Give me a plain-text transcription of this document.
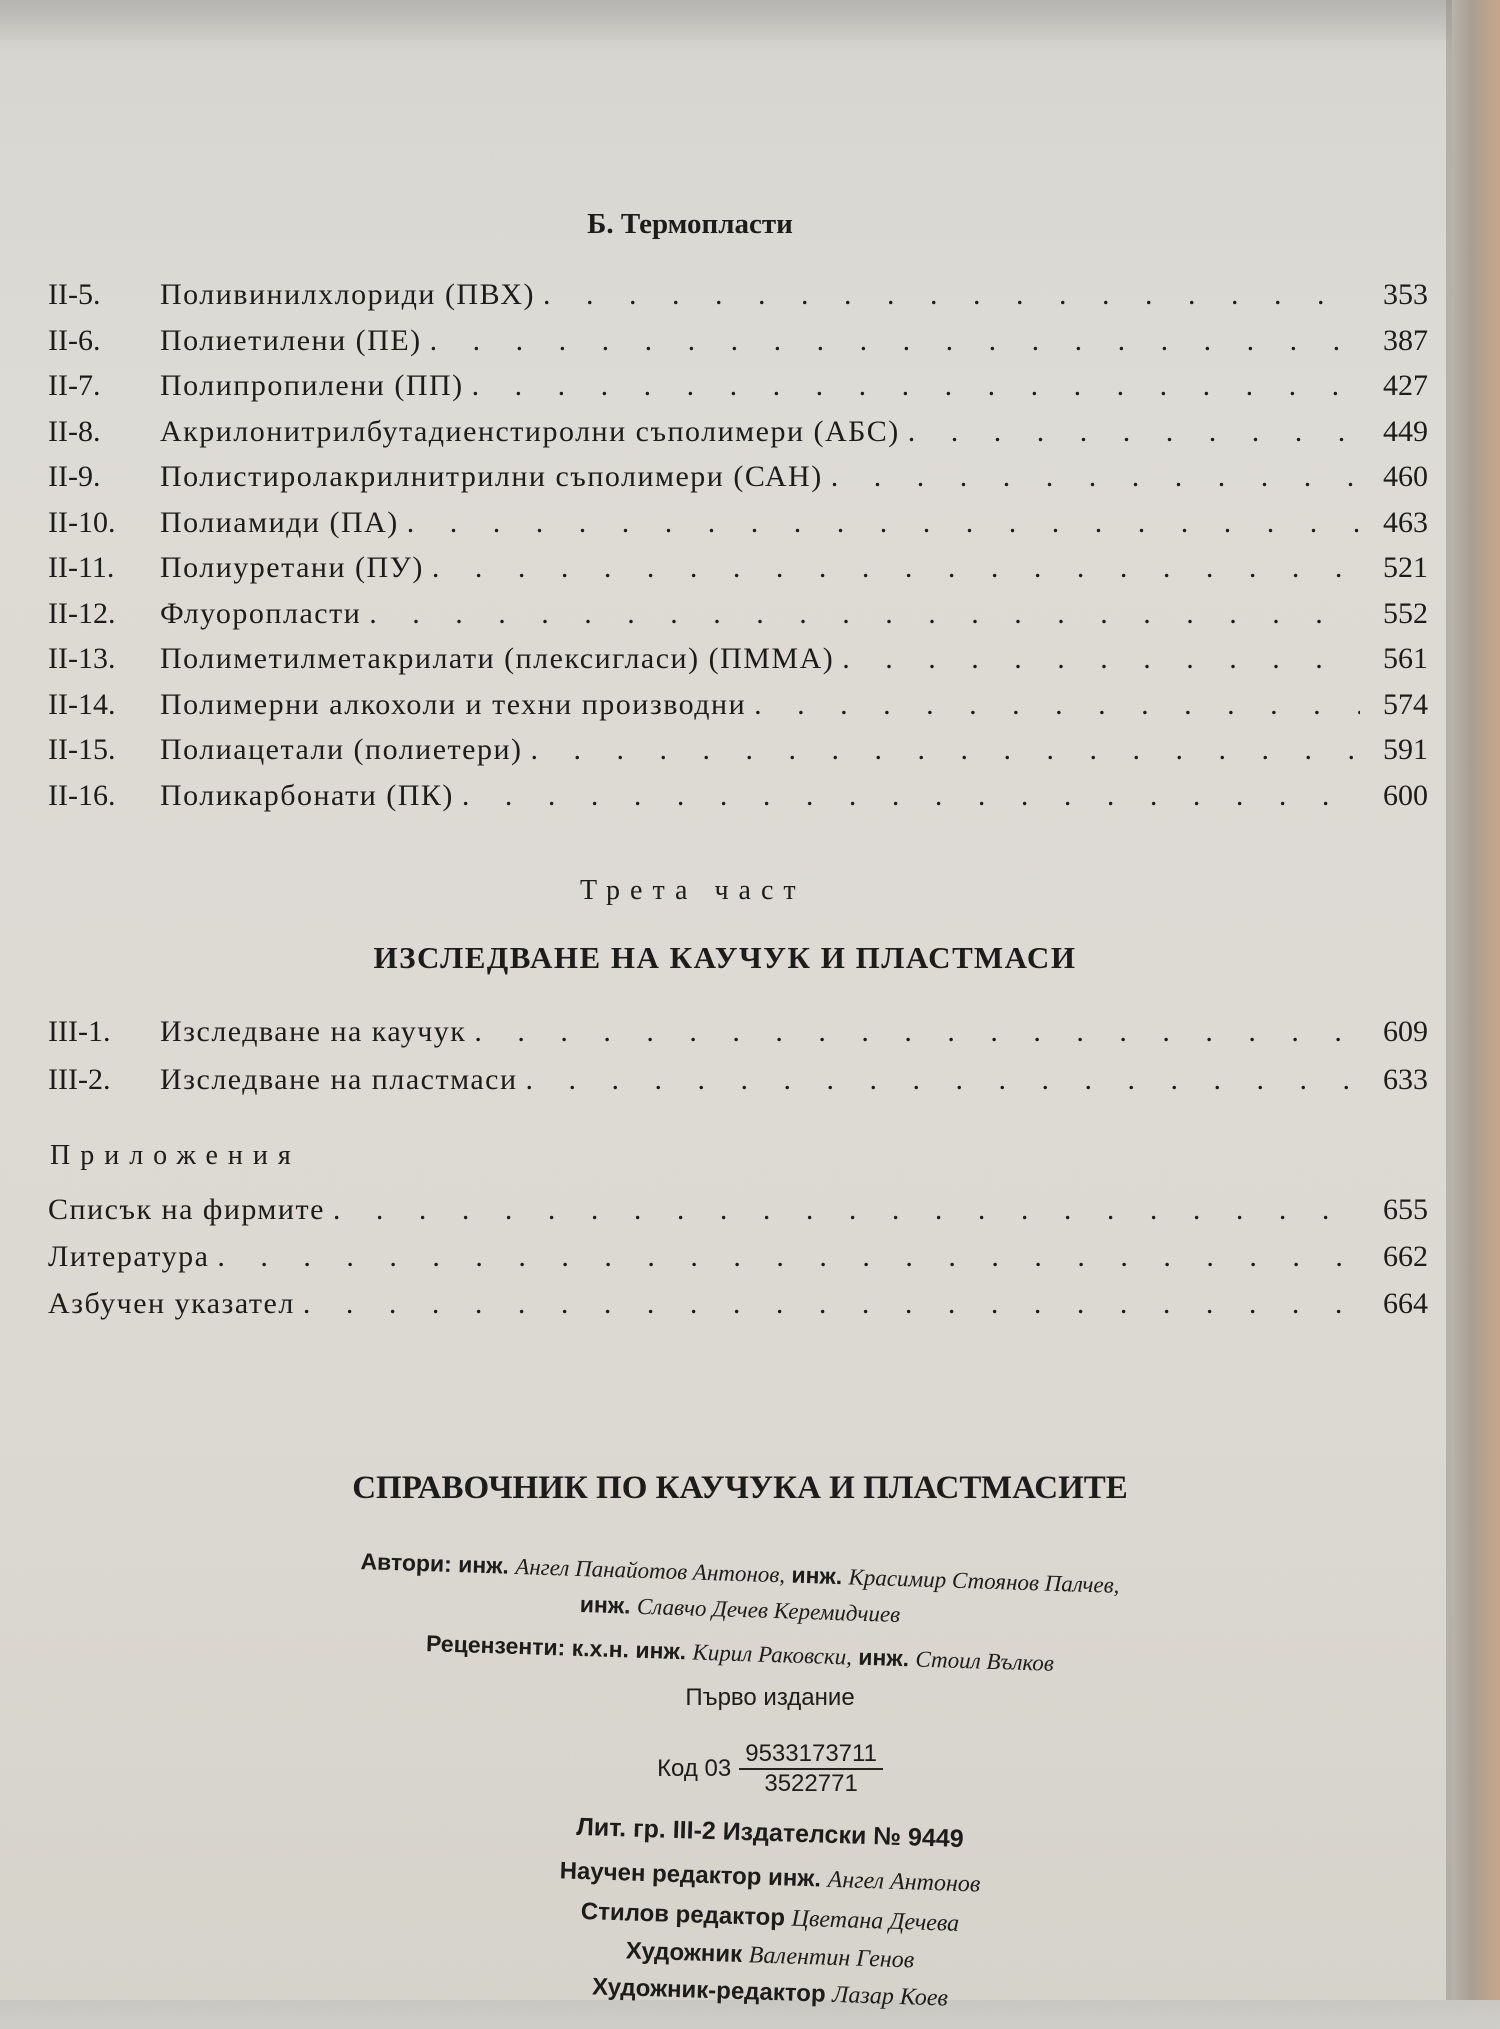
Б. Термопласти
II-5.	Поливинилхлориди (ПВХ) . . .	353
II-6.	Полиетилени (ПЕ) . . .	387
II-7.	Полипропилени (ПП) . . .	427
II-8.	Акрилонитрилбутадиенстиролни съполимери (АБС) . . .	449
II-9.	Полистиролакрилнитрилни съполимери (САН) . . .	460
II-10.	Полиамиди (ПА) . . .	463
II-11.	Полиуретани (ПУ) . . .	521
II-12.	Флуоропласти . . .	552
II-13.	Полиметилметакрилати (плексигласи) (ПММА) . . .	561
II-14.	Полимерни алкохоли и техни производни . . .	574
II-15.	Полиацетали (полиетери) . . .	591
II-16.	Поликарбонати (ПК) . . .	600
Трета част
ИЗСЛЕДВАНЕ НА КАУЧУК И ПЛАСТМАСИ
III-1.	Изследване на каучук . . .	609
III-2.	Изследване на пластмаси . . .	633
Приложения
Списък на фирмите . . .	655
Литература . . .	662
Азбучен указател . . .	664
СПРАВОЧНИК ПО КАУЧУКА И ПЛАСТМАСИТЕ
Автори: инж. Ангел Панайотов Антонов, инж. Красимир Стоянов Палчев,
инж. Славчо Дечев Керемидчиев
Рецензенти: к.х.н. инж. Кирил Раковски, инж. Стоил Вълков
Първо издание
Код $03 \frac{9533173711}{3522771}$
Лит. гр. III-2 Издателски № 9449
Научен редактор инж. Ангел Антонов
Стилов редактор Цветана Дечева
Художник Валентин Генов
Художник-редактор Лазар Коев
